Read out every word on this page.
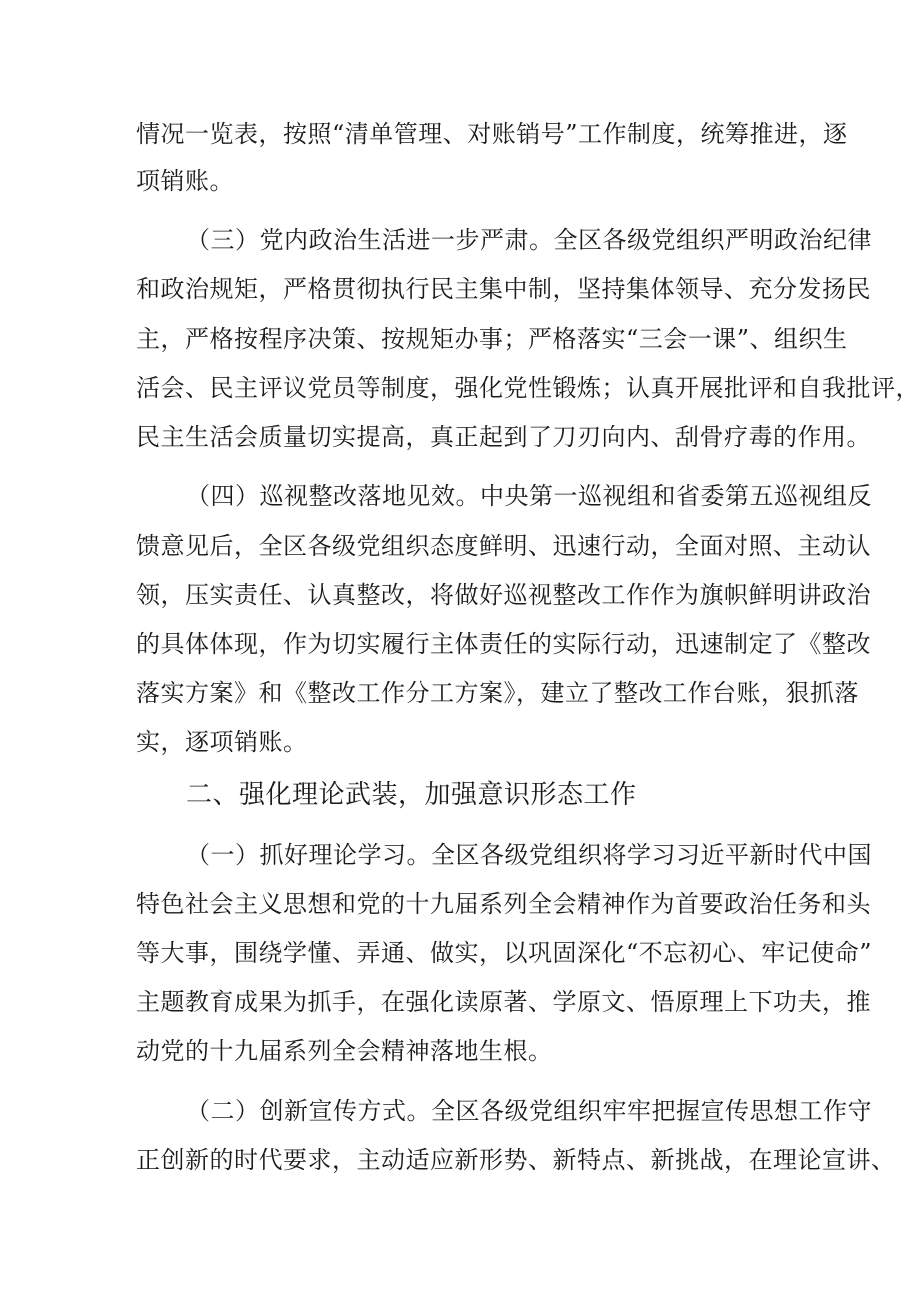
情况一览表，按照“清单管理、对账销号”工作制度，统筹推进，逐
项销账。
（三）党内政治生活进一步严肃。全区各级党组织严明政治纪律
和政治规矩，严格贯彻执行民主集中制，坚持集体领导、充分发扬民
主，严格按程序决策、按规矩办事；严格落实“三会一课”、组织生
活会、民主评议党员等制度，强化党性锻炼；认真开展批评和自我批评，
民主生活会质量切实提高，真正起到了刀刃向内、刮骨疗毒的作用。
（四）巡视整改落地见效。中央第一巡视组和省委第五巡视组反
馈意见后，全区各级党组织态度鲜明、迅速行动，全面对照、主动认
领，压实责任、认真整改，将做好巡视整改工作作为旗帜鲜明讲政治
的具体体现，作为切实履行主体责任的实际行动，迅速制定了《整改
落实方案》和《整改工作分工方案》，建立了整改工作台账，狠抓落
实，逐项销账。
二、强化理论武装，加强意识形态工作
（一）抓好理论学习。全区各级党组织将学习习近平新时代中国
特色社会主义思想和党的十九届系列全会精神作为首要政治任务和头
等大事，围绕学懂、弄通、做实，以巩固深化“不忘初心、牢记使命”
主题教育成果为抓手，在强化读原著、学原文、悟原理上下功夫，推
动党的十九届系列全会精神落地生根。
（二）创新宣传方式。全区各级党组织牢牢把握宣传思想工作守
正创新的时代要求，主动适应新形势、新特点、新挑战，在理论宣讲、
